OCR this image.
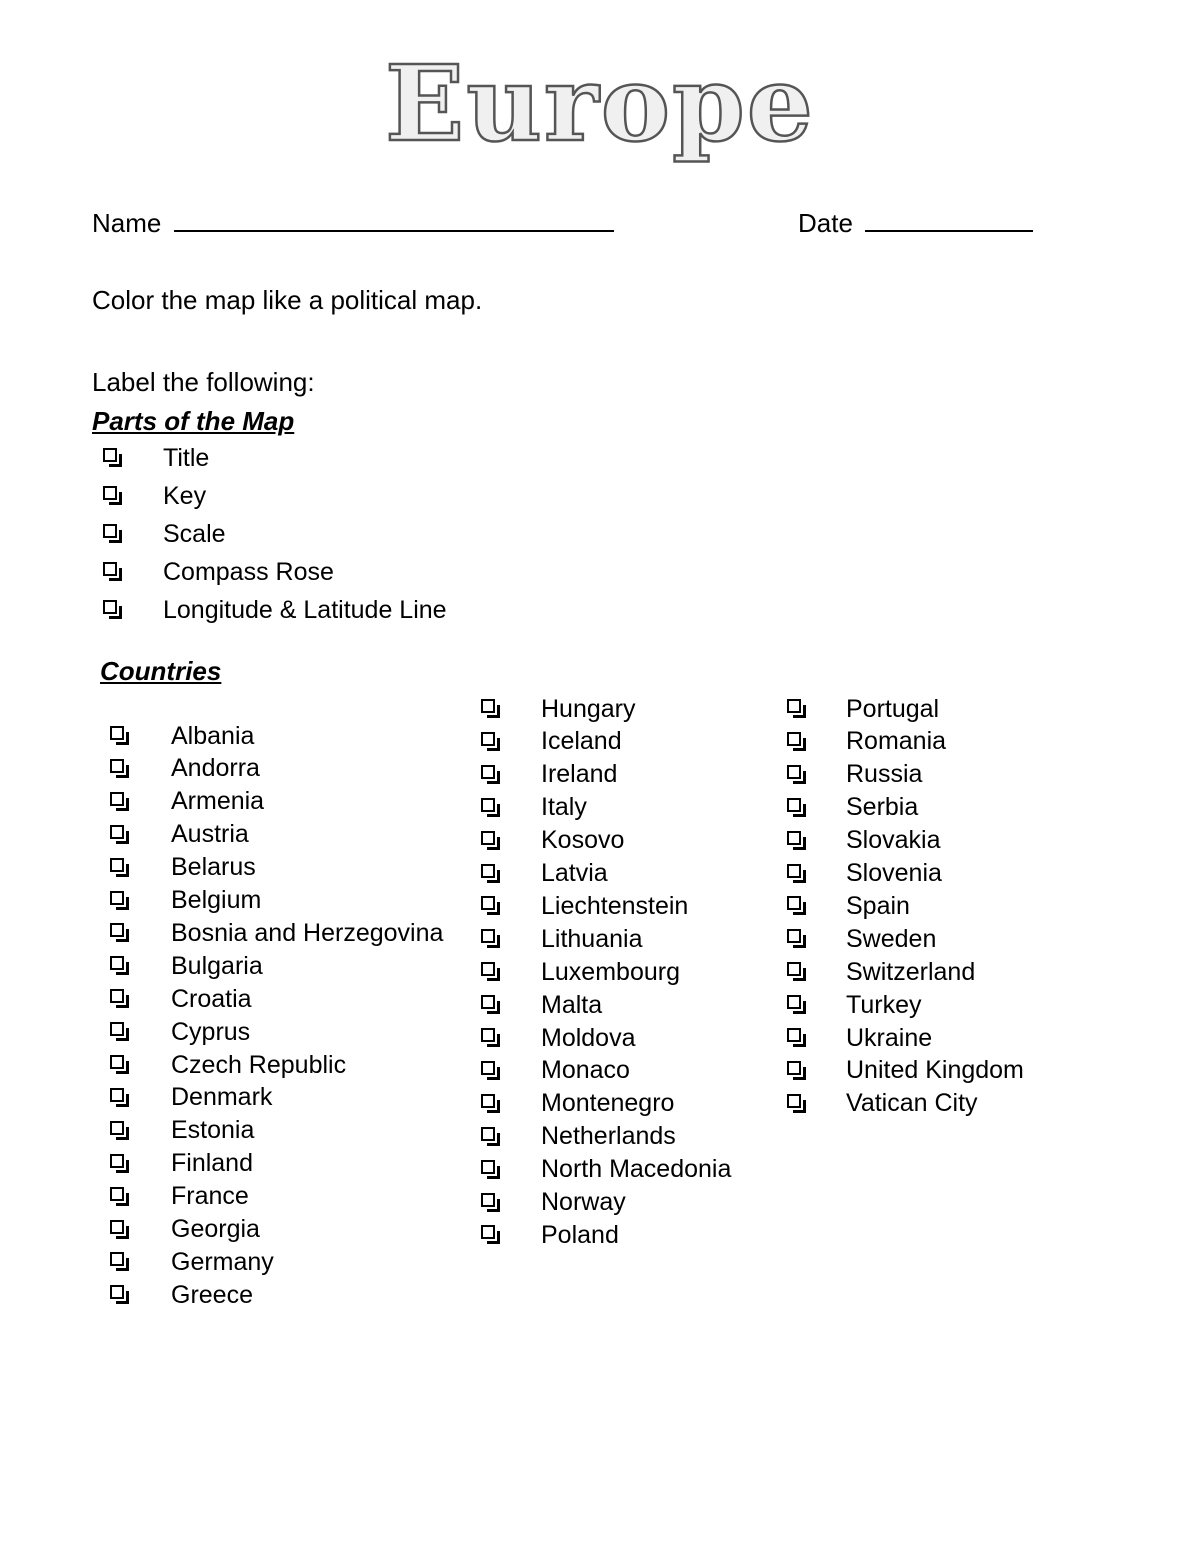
Europe
Name	Date
Color the map like a political map.
Label the following:
Parts of the Map
Title
Key
Scale
Compass Rose
Longitude & Latitude Line
Countries
Albania
Andorra
Armenia
Austria
Belarus
Belgium
Bosnia and Herzegovina
Bulgaria
Croatia
Cyprus
Czech Republic
Denmark
Estonia
Finland
France
Georgia
Germany
Greece
Hungary
Iceland
Ireland
Italy
Kosovo
Latvia
Liechtenstein
Lithuania
Luxembourg
Malta
Moldova
Monaco
Montenegro
Netherlands
North Macedonia
Norway
Poland
Portugal
Romania
Russia
Serbia
Slovakia
Slovenia
Spain
Sweden
Switzerland
Turkey
Ukraine
United Kingdom
Vatican City
